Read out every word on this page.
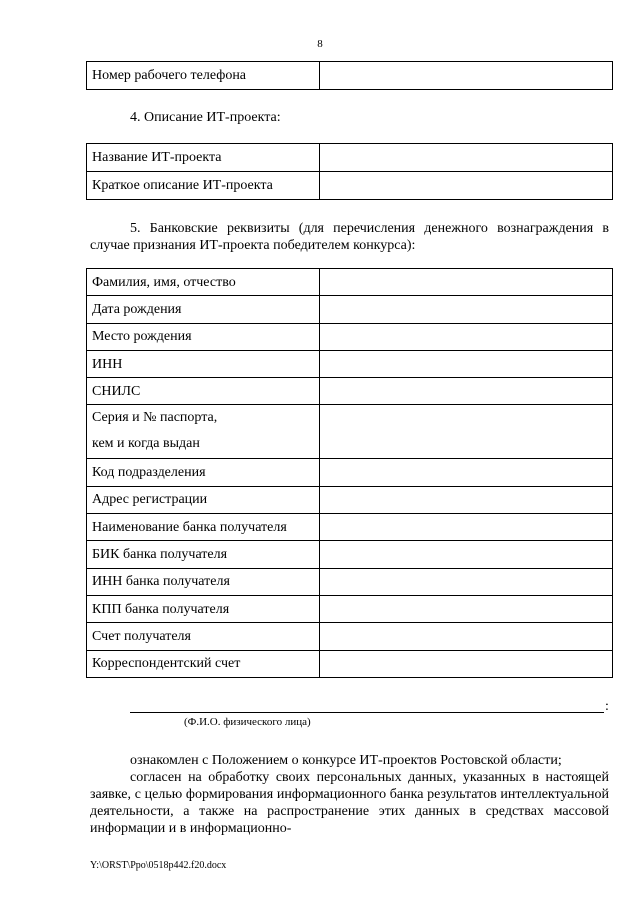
8
Номер рабочего телефона	
4. Описание ИТ-проекта:
Название ИТ-проекта	
Краткое описание ИТ-проекта	
5. Банковские реквизиты (для перечисления денежного вознаграждения в случае признания ИТ-проекта победителем конкурса):
Фамилия, имя, отчество	
Дата рождения	
Место рождения	
ИНН	
СНИЛС	

Серия и № паспорта,
кем и когда выдан	

Код подразделения	
Адрес регистрации	
Наименование банка получателя	
БИК банка получателя	
ИНН банка получателя	
КПП банка получателя	
Счет получателя	
Корреспондентский счет	
:
(Ф.И.О. физического лица)
ознакомлен с Положением о конкурсе ИТ-проектов Ростовской области;
согласен на обработку своих персональных данных, указанных в настоящей заявке, с целью формирования информационного банка результатов интеллектуальной деятельности, а также на распространение этих данных в средствах массовой информации и в информационно-
Y:\ORST\Ppo\0518p442.f20.docx
